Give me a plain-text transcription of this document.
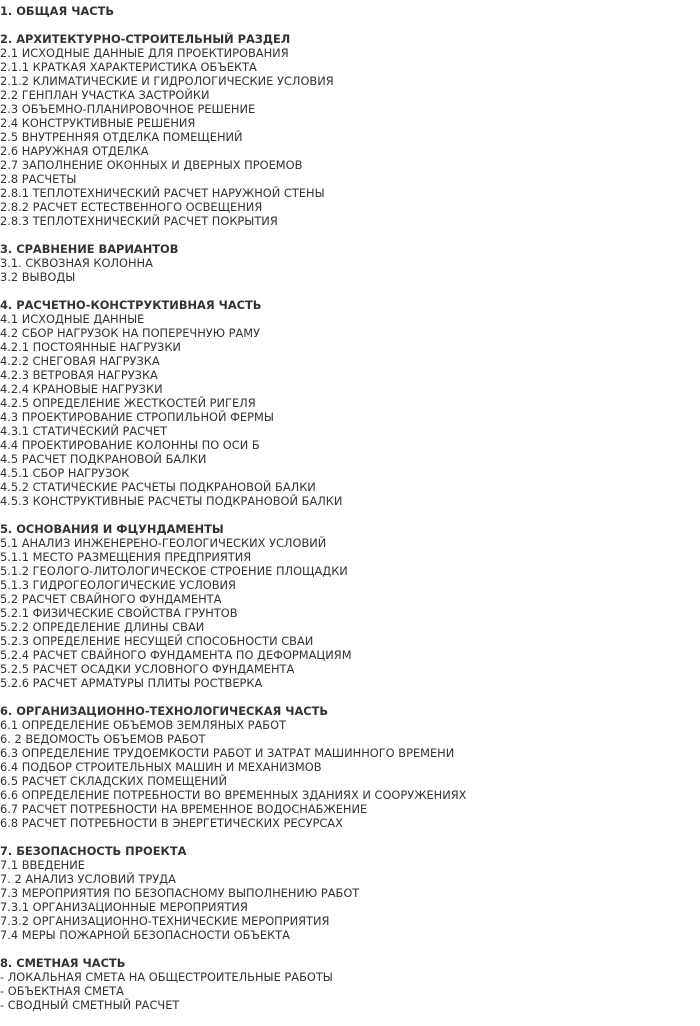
1. ОБЩАЯ ЧАСТЬ
2. АРХИТЕКТУРНО-СТРОИТЕЛЬНЫЙ РАЗДЕЛ
2.1 ИСХОДНЫЕ ДАННЫЕ ДЛЯ ПРОЕКТИРОВАНИЯ
2.1.1 КРАТКАЯ ХАРАКТЕРИСТИКА ОБЪЕКТА
2.1.2 КЛИМАТИЧЕСКИЕ И ГИДРОЛОГИЧЕСКИЕ УСЛОВИЯ
2.2 ГЕНПЛАН УЧАСТКА ЗАСТРОЙКИ
2.3 ОБЪЕМНО-ПЛАНИРОВОЧНОЕ РЕШЕНИЕ
2.4 КОНСТРУКТИВНЫЕ РЕШЕНИЯ
2.5 ВНУТРЕННЯЯ ОТДЕЛКА ПОМЕЩЕНИЙ
2.6 НАРУЖНАЯ ОТДЕЛКА
2.7 ЗАПОЛНЕНИЕ ОКОННЫХ И ДВЕРНЫХ ПРОЕМОВ
2.8 РАСЧЕТЫ
2.8.1 ТЕПЛОТЕХНИЧЕСКИЙ РАСЧЕТ НАРУЖНОЙ СТЕНЫ
2.8.2 РАСЧЕТ ЕСТЕСТВЕННОГО ОСВЕЩЕНИЯ
2.8.3 ТЕПЛОТЕХНИЧЕСКИЙ РАСЧЕТ ПОКРЫТИЯ
3. СРАВНЕНИЕ ВАРИАНТОВ
3.1. СКВОЗНАЯ КОЛОННА
3.2 ВЫВОДЫ
4. РАСЧЕТНО-КОНСТРУКТИВНАЯ ЧАСТЬ
4.1 ИСХОДНЫЕ ДАННЫЕ
4.2 СБОР НАГРУЗОК НА ПОПЕРЕЧНУЮ РАМУ
4.2.1 ПОСТОЯННЫЕ НАГРУЗКИ
4.2.2 СНЕГОВАЯ НАГРУЗКА
4.2.3 ВЕТРОВАЯ НАГРУЗКА
4.2.4 КРАНОВЫЕ НАГРУЗКИ
4.2.5 ОПРЕДЕЛЕНИЕ ЖЕСТКОСТЕЙ РИГЕЛЯ
4.3 ПРОЕКТИРОВАНИЕ СТРОПИЛЬНОЙ ФЕРМЫ
4.3.1 СТАТИЧЕСКИЙ РАСЧЕТ
4.4 ПРОЕКТИРОВАНИЕ КОЛОННЫ ПО ОСИ Б
4.5 РАСЧЕТ ПОДКРАНОВОЙ БАЛКИ
4.5.1 СБОР НАГРУЗОК
4.5.2 СТАТИЧЕСКИЕ РАСЧЕТЫ ПОДКРАНОВОЙ БАЛКИ
4.5.3 КОНСТРУКТИВНЫЕ РАСЧЕТЫ ПОДКРАНОВОЙ БАЛКИ
5. ОСНОВАНИЯ И ФЦУНДАМЕНТЫ
5.1 АНАЛИЗ ИНЖЕНЕРЕНО-ГЕОЛОГИЧЕСКИХ УСЛОВИЙ
5.1.1 МЕСТО РАЗМЕЩЕНИЯ ПРЕДПРИЯТИЯ
5.1.2 ГЕОЛОГО-ЛИТОЛОГИЧЕСКОЕ СТРОЕНИЕ ПЛОЩАДКИ
5.1.3 ГИДРОГЕОЛОГИЧЕСКИЕ УСЛОВИЯ
5.2 РАСЧЕТ СВАЙНОГО ФУНДАМЕНТА
5.2.1 ФИЗИЧЕСКИЕ СВОЙСТВА ГРУНТОВ
5.2.2 ОПРЕДЕЛЕНИЕ ДЛИНЫ СВАИ
5.2.3 ОПРЕДЕЛЕНИЕ НЕСУЩЕЙ СПОСОБНОСТИ СВАИ
5.2.4 РАСЧЕТ СВАЙНОГО ФУНДАМЕНТА ПО ДЕФОРМАЦИЯМ
5.2.5 РАСЧЕТ ОСАДКИ УСЛОВНОГО ФУНДАМЕНТА
5.2.6 РАСЧЕТ АРМАТУРЫ ПЛИТЫ РОСТВЕРКА
6. ОРГАНИЗАЦИОННО-ТЕХНОЛОГИЧЕСКАЯ ЧАСТЬ
6.1 ОПРЕДЕЛЕНИЕ ОБЪЕМОВ ЗЕМЛЯНЫХ РАБОТ
6. 2 ВЕДОМОСТЬ ОБЪЕМОВ РАБОТ
6.3 ОПРЕДЕЛЕНИЕ ТРУДОЕМКОСТИ РАБОТ И ЗАТРАТ МАШИННОГО ВРЕМЕНИ
6.4 ПОДБОР СТРОИТЕЛЬНЫХ МАШИН И МЕХАНИЗМОВ
6.5 РАСЧЕТ СКЛАДСКИХ ПОМЕЩЕНИЙ
6.6 ОПРЕДЕЛЕНИЕ ПОТРЕБНОСТИ ВО ВРЕМЕННЫХ ЗДАНИЯХ И СООРУЖЕНИЯХ
6.7 РАСЧЕТ ПОТРЕБНОСТИ НА ВРЕМЕННОЕ ВОДОСНАБЖЕНИЕ
6.8 РАСЧЕТ ПОТРЕБНОСТИ В ЭНЕРГЕТИЧЕСКИХ РЕСУРСАХ
7. БЕЗОПАСНОСТЬ ПРОЕКТА
7.1 ВВЕДЕНИЕ
7. 2 АНАЛИЗ УСЛОВИЙ ТРУДА
7.3 МЕРОПРИЯТИЯ ПО БЕЗОПАСНОМУ ВЫПОЛНЕНИЮ РАБОТ
7.3.1 ОРГАНИЗАЦИОННЫЕ МЕРОПРИЯТИЯ
7.3.2 ОРГАНИЗАЦИОННО-ТЕХНИЧЕСКИЕ МЕРОПРИЯТИЯ
7.4 МЕРЫ ПОЖАРНОЙ БЕЗОПАСНОСТИ ОБЪЕКТА
8. СМЕТНАЯ ЧАСТЬ
- ЛОКАЛЬНАЯ СМЕТА НА ОБЩЕСТРОИТЕЛЬНЫЕ РАБОТЫ
- ОБЪЕКТНАЯ СМЕТА
- СВОДНЫЙ СМЕТНЫЙ РАСЧЕТ
